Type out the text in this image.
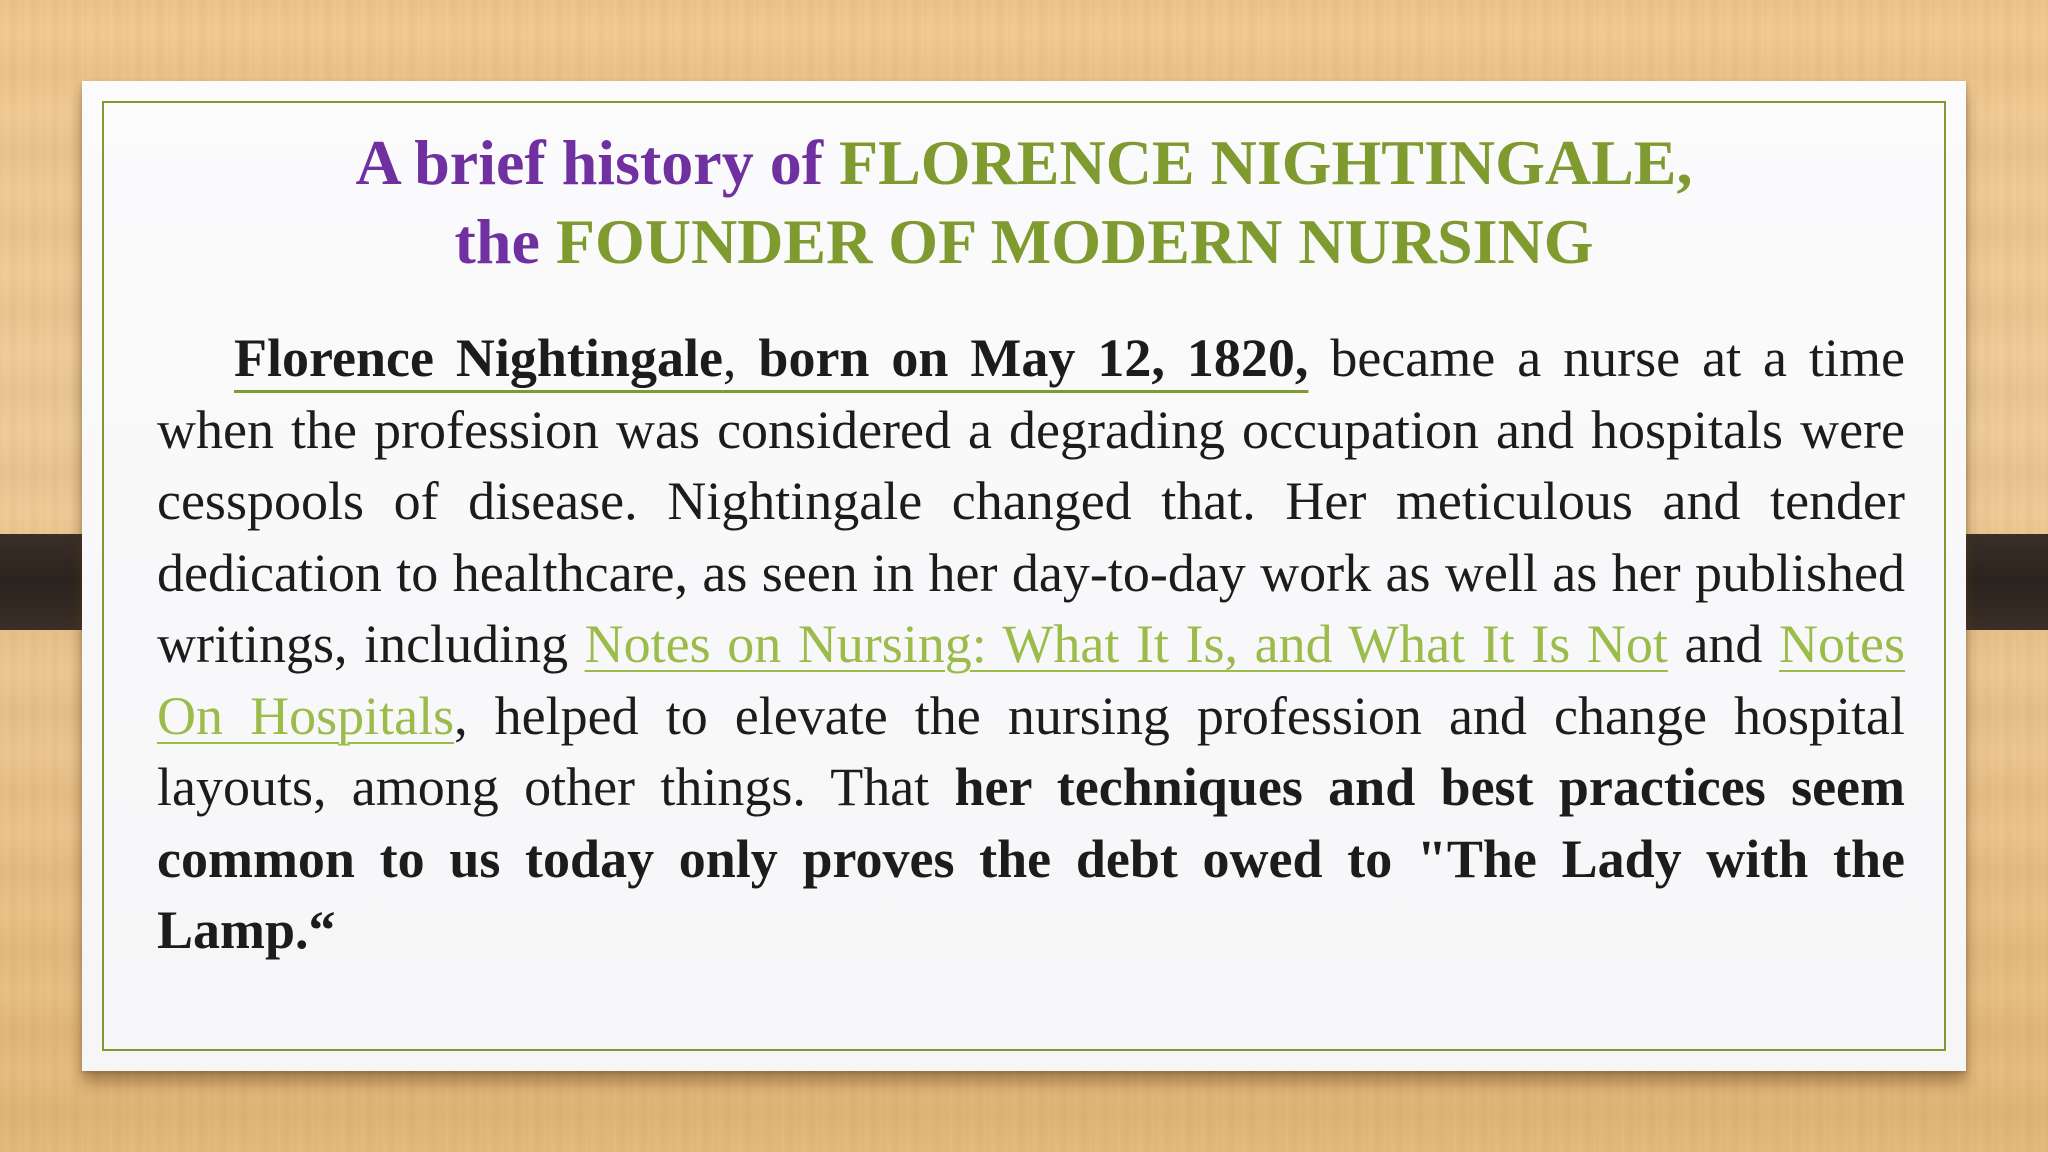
A brief history of FLORENCE NIGHTINGALE,
the FOUNDER OF MODERN NURSING

Florence Nightingale, born on May 12, 1820, became a nurse at a time when the profession was considered a degrading occupation and hospitals were cesspools of disease. Nightingale changed that. Her meticulous and tender dedication to healthcare, as seen in her day-to-day work as well as her published writings, including Notes on Nursing: What It Is, and What It Is Not and Notes On Hospitals, helped to elevate the nursing profession and change hospital layouts, among other things. That her techniques and best practices seem common to us today only proves the debt owed to "The Lady with the Lamp.“
